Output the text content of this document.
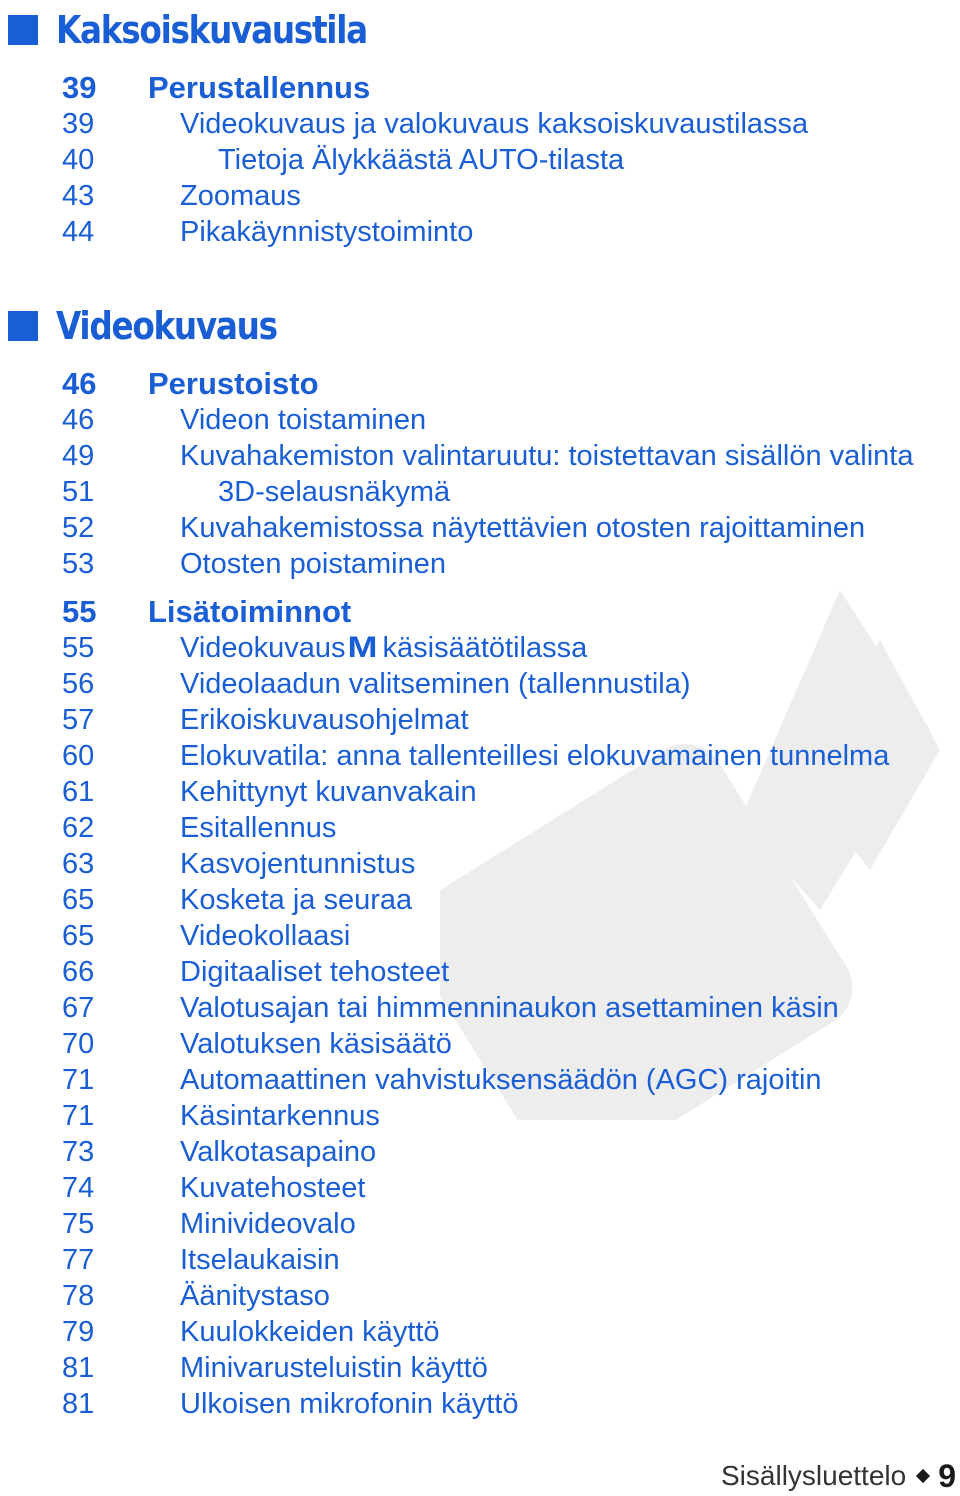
Kaksoiskuvaustila
39	Perustallennus
39	Videokuvaus ja valokuvaus kaksoiskuvaustilassa
40	Tietoja Älykkäästä AUTO-tilasta
43	Zoomaus
44	Pikakäynnistystoiminto
Videokuvaus
46	Perustoisto
46	Videon toistaminen
49	Kuvahakemiston valintaruutu: toistettavan sisällön valinta
51	3D-selausnäkymä
52	Kuvahakemistossa näytettävien otosten rajoittaminen
53	Otosten poistaminen
55	Lisätoiminnot
55	VideokuvausM käsisäätötilassa
56	Videolaadun valitseminen (tallennustila)
57	Erikoiskuvausohjelmat
60	Elokuvatila: anna tallenteillesi elokuvamainen tunnelma
61	Kehittynyt kuvanvakain
62	Esitallennus
63	Kasvojentunnistus
65	Kosketa ja seuraa
65	Videokollaasi
66	Digitaaliset tehosteet
67	Valotusajan tai himmenninaukon asettaminen käsin
70	Valotuksen käsisäätö
71	Automaattinen vahvistuksensäädön (AGC) rajoitin
71	Käsintarkennus
73	Valkotasapaino
74	Kuvatehosteet
75	Minivideovalo
77	Itselaukaisin
78	Äänitystaso
79	Kuulokkeiden käyttö
81	Minivarusteluistin käyttö
81	Ulkoisen mikrofonin käyttö
Sisällysluettelo 9
